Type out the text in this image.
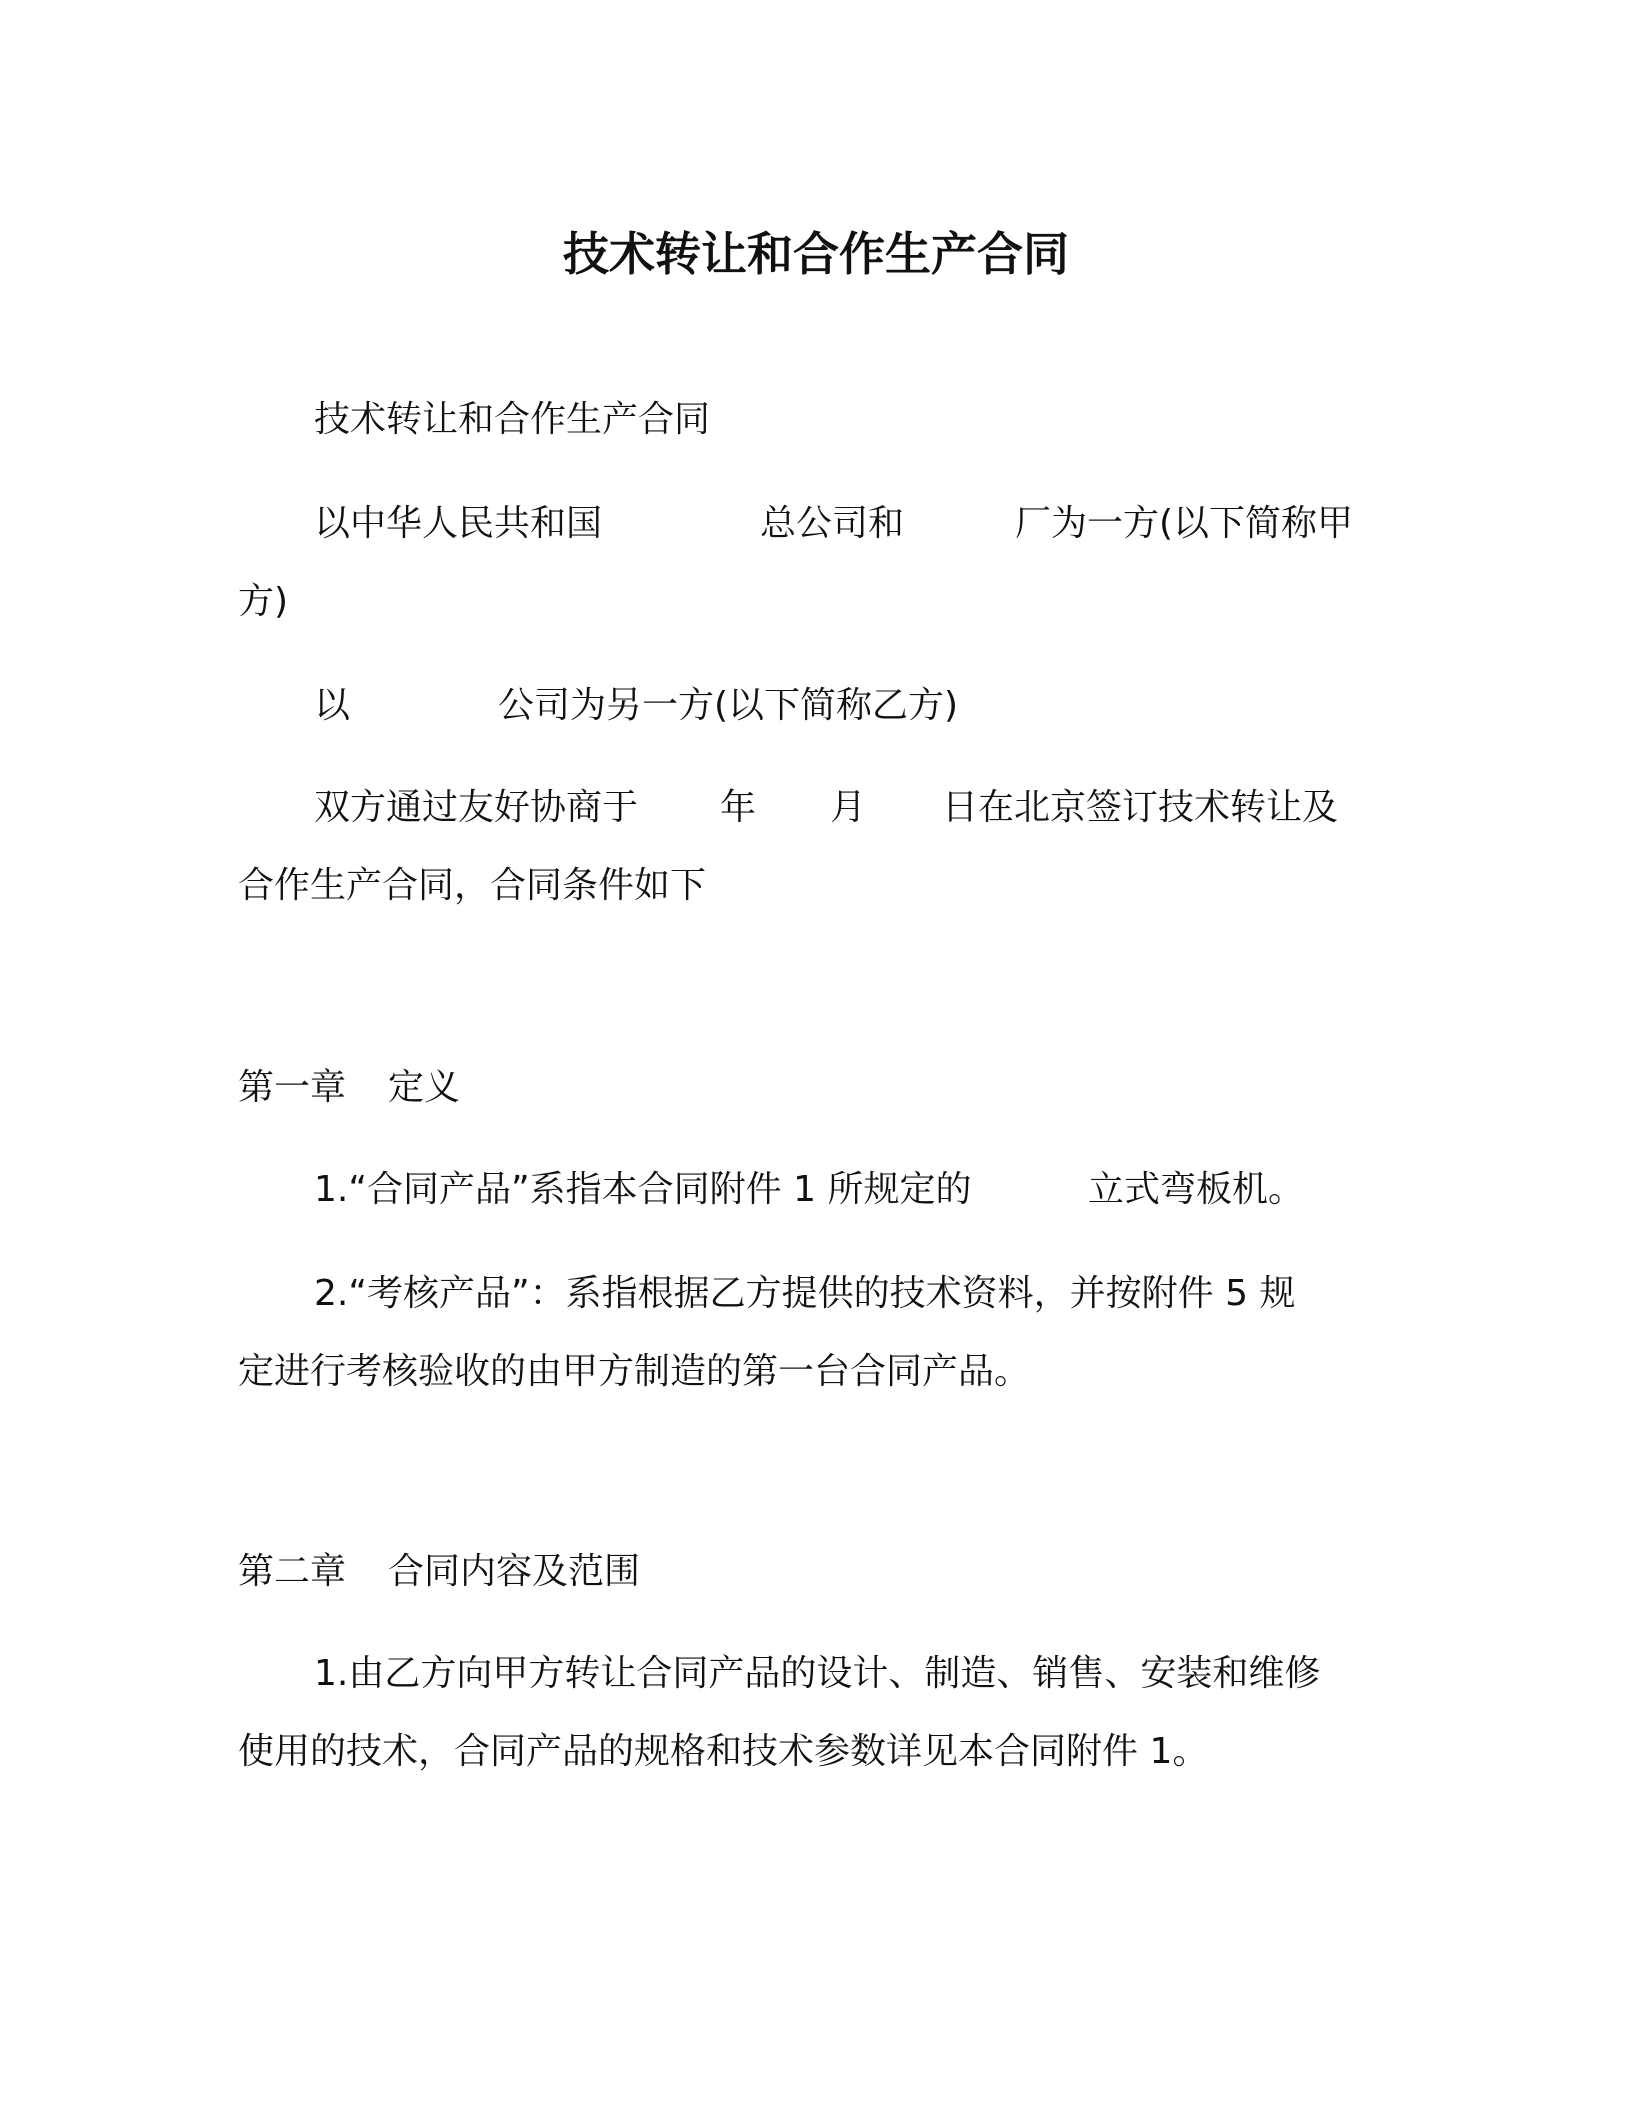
技术转让和合作生产合同
技术转让和合作生产合同
以中华人民共和国	总公司和	厂为一方(以下简称甲
方)
以	公司为另一方(以下简称乙方)
双方通过友好协商于 年 月 日在北京签订技术转让及
合作生产合同，合同条件如下
第一章 定义
1.“合同产品”系指本合同附件 1 所规定的	立式弯板机。
2.“考核产品”：系指根据乙方提供的技术资料，并按附件 5 规
定进行考核验收的由甲方制造的第一台合同产品。
第二章 合同内容及范围
1.由乙方向甲方转让合同产品的设计、制造、销售、安装和维修
使用的技术，合同产品的规格和技术参数详见本合同附件 1。
